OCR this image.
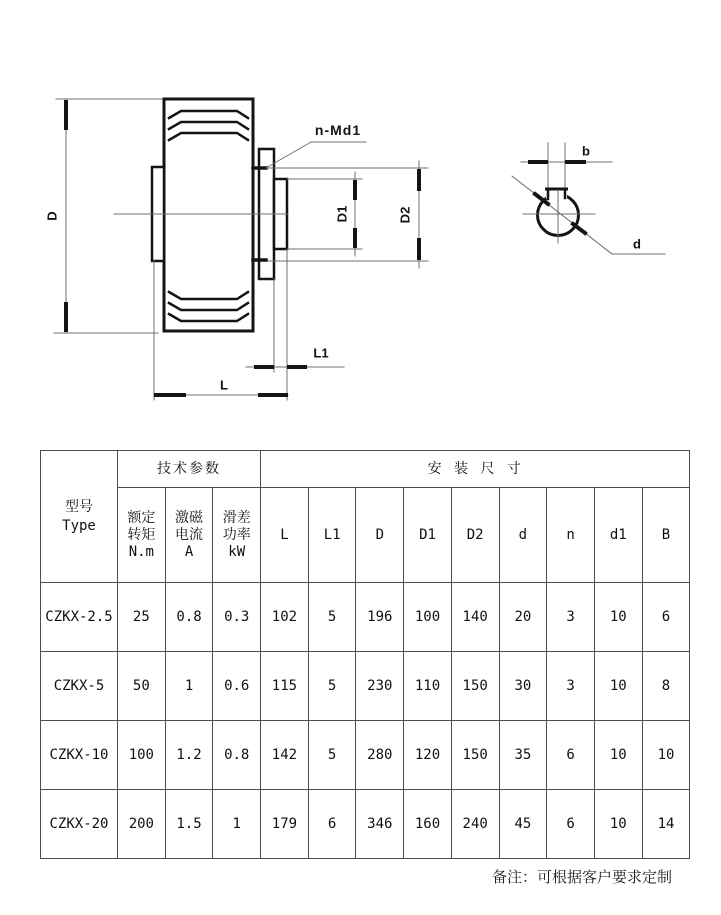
D	D1	D2
n-Md1
L1
L
b
d
型号
Type	技术参数			安 装 尺 寸								

	额定
转矩
N.m	激磁
电流
A	滑差
功率
kW	L	L1	D	D1	D2	d	n	d1	B
CZKX-2.5	25	0.8	0.3	102	5	196	100	140	20	3	10	6
CZKX-5	50	1	0.6	115	5	230	110	150	30	3	10	8
CZKX-10	100	1.2	0.8	142	5	280	120	150	35	6	10	10
CZKX-20	200	1.5	1	179	6	346	160	240	45	6	10	14
备注：可根据客户要求定制
